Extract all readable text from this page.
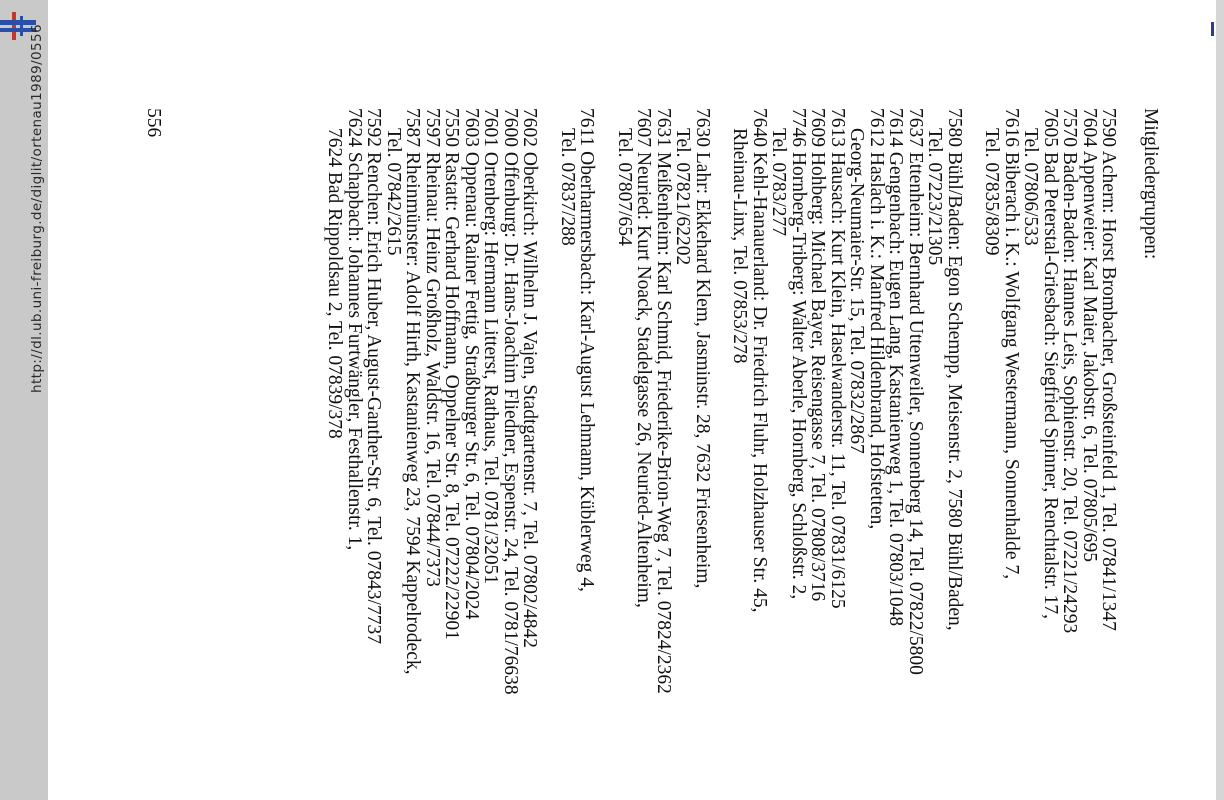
http://dl.ub.uni-freiburg.de/diglit/ortenau1989/0556	Mitgliedergruppen:
7590 Achern: Horst Brombacher, Großsteinfeld 1, Tel. 07841/1347
7604 Appenweier: Karl Maier, Jakobstr. 6, Tel. 07805/695
7570 Baden-Baden: Hannes Leis, Sophienstr. 20, Tel. 07221/24293
7605 Bad Peterstal-Griesbach: Siegfried Spinner, Renchtalstr. 17,
Tel. 07806/533
7616 Biberach i. K.: Wolfgang Westermann, Sonnenhalde 7,
Tel. 07835/8309
7580 Bühl/Baden: Egon Schempp, Meisenstr. 2, 7580 Bühl/Baden,
Tel. 07223/21305
7637 Ettenheim: Bernhard Uttenweiler, Sonnenberg 14, Tel. 07822/5800
7614 Gengenbach: Eugen Lang, Kastanienweg 1, Tel. 07803/1048
7612 Haslach i. K.: Manfred Hildenbrand, Hofstetten,
Georg-Neumaier-Str. 15, Tel. 07832/2867
7613 Hausach: Kurt Klein, Haselwanderstr. 11, Tel. 07831/6125
7609 Hohberg: Michael Bayer, Reisengasse 7, Tel. 07808/3716
7746 Hornberg-Triberg: Walter Aberle, Hornberg, Schloßstr. 2,
Tel. 0783/277
7640 Kehl-Hanauerland: Dr. Friedrich Fluhr, Holzhauser Str. 45,
Rheinau-Linx, Tel. 07853/278
7630 Lahr: Ekkehard Klem, Jasminstr. 28, 7632 Friesenheim,
Tel. 07821/62202
7631 Meißenheim: Karl Schmid, Friederike-Brion-Weg 7, Tel. 07824/2362
7607 Neuried: Kurt Noack, Stadelgasse 26, Neuried-Altenheim,
Tel. 07807/654
7611 Oberharmersbach: Karl-August Lehmann, Küblerweg 4,
Tel. 07837/288
7602 Oberkirch: Wilhelm J. Vajen, Stadtgartenstr. 7, Tel. 07802/4842
7600 Offenburg: Dr. Hans-Joachim Fliedner, Espenstr. 24, Tel. 0781/76638
7601 Ortenberg: Hermann Litterst, Rathaus, Tel. 0781/32051
7603 Oppenau: Rainer Fettig, Straßburger Str. 6, Tel. 07804/2024
7550 Rastatt: Gerhard Hoffmann, Oppelner Str. 8, Tel. 07222/22901
7597 Rheinau: Heinz Großholz, Waldstr. 16, Tel. 07844/7373
7587 Rheinmünster: Adolf Hirth, Kastanienweg 23, 7594 Kappelrodeck,
Tel. 07842/2615
7592 Renchen: Erich Huber, August-Ganther-Str. 6, Tel. 07843/7737
7624 Schapbach: Johannes Furtwängler, Festhallenstr. 1,
7624 Bad Rippoldsau 2, Tel. 07839/378
556
